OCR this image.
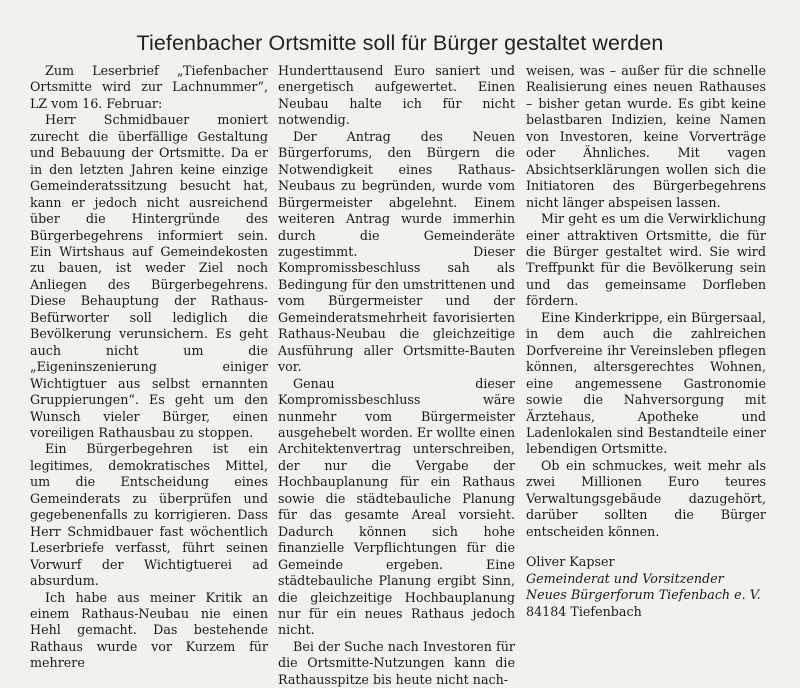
Tiefenbacher Ortsmitte soll für Bürger gestaltet werden

Zum Leserbrief „Tiefenbacher Ortsmitte wird zur Lachnummer“, LZ vom 16. Februar:

Herr Schmidbauer moniert zurecht die überfällige Gestaltung und Bebauung der Ortsmitte. Da er in den letzten Jahren keine einzige Gemeinderatssitzung besucht hat, kann er jedoch nicht ausreichend über die Hintergründe des Bürgerbegehrens informiert sein. Ein Wirtshaus auf Gemeindekosten zu bauen, ist weder Ziel noch Anliegen des Bürgerbegehrens. Diese Behauptung der Rathaus-Befürworter soll lediglich die Bevölkerung verunsichern. Es geht auch nicht um die „Eigeninszenierung einiger Wichtigtuer aus selbst ernannten Gruppierungen“. Es geht um den Wunsch vieler Bürger, einen voreiligen Rathausbau zu stoppen.

Ein Bürgerbegehren ist ein legitimes, demokratisches Mittel, um die Entscheidung eines Gemeinderats zu überprüfen und gegebenenfalls zu korrigieren. Dass Herr Schmidbauer fast wöchentlich Leserbriefe verfasst, führt seinen Vorwurf der Wichtigtuerei ad absurdum.

Ich habe aus meiner Kritik an einem Rathaus-Neubau nie einen Hehl gemacht. Das bestehende Rathaus wurde vor Kurzem für mehrere

Hunderttausend Euro saniert und energetisch aufgewertet. Einen Neubau halte ich für nicht notwendig.

Der Antrag des Neuen Bürgerforums, den Bürgern die Notwendigkeit eines Rathaus-Neubaus zu begründen, wurde vom Bürgermeister abgelehnt. Einem weiteren Antrag wurde immerhin durch die Gemeinderäte zugestimmt. Dieser Kompromissbeschluss sah als Bedingung für den umstrittenen und vom Bürgermeister und der Gemeinderatsmehrheit favorisierten Rathaus-Neubau die gleichzeitige Ausführung aller Ortsmitte-Bauten vor.

Genau dieser Kompromissbeschluss wäre nunmehr vom Bürgermeister ausgehebelt worden. Er wollte einen Architektenvertrag unterschreiben, der nur die Vergabe der Hochbauplanung für ein Rathaus sowie die städtebauliche Planung für das gesamte Areal vorsieht. Dadurch können sich hohe finanzielle Verpflichtungen für die Gemeinde ergeben. Eine städtebauliche Planung ergibt Sinn, die gleichzeitige Hochbauplanung nur für ein neues Rathaus jedoch nicht.

Bei der Suche nach Investoren für die Ortsmitte-Nutzungen kann die Rathausspitze bis heute nicht nach-

weisen, was – außer für die schnelle Realisierung eines neuen Rathauses – bisher getan wurde. Es gibt keine belastbaren Indizien, keine Namen von Investoren, keine Vorverträge oder Ähnliches. Mit vagen Absichtserklärungen wollen sich die Initiatoren des Bürgerbegehrens nicht länger abspeisen lassen.

Mir geht es um die Verwirklichung einer attraktiven Ortsmitte, die für die Bürger gestaltet wird. Sie wird Treffpunkt für die Bevölkerung sein und das gemeinsame Dorfleben fördern.

Eine Kinderkrippe, ein Bürgersaal, in dem auch die zahlreichen Dorfvereine ihr Vereinsleben pflegen können, altersgerechtes Wohnen, eine angemessene Gastronomie sowie die Nahversorgung mit Ärztehaus, Apotheke und Ladenlokalen sind Bestandteile einer lebendigen Ortsmitte.

Ob ein schmuckes, weit mehr als zwei Millionen Euro teures Verwaltungsgebäude dazugehört, darüber sollten die Bürger entscheiden können.

Oliver Kapser
Gemeinderat und Vorsitzender
Neues Bürgerforum Tiefenbach e. V.
84184 Tiefenbach
